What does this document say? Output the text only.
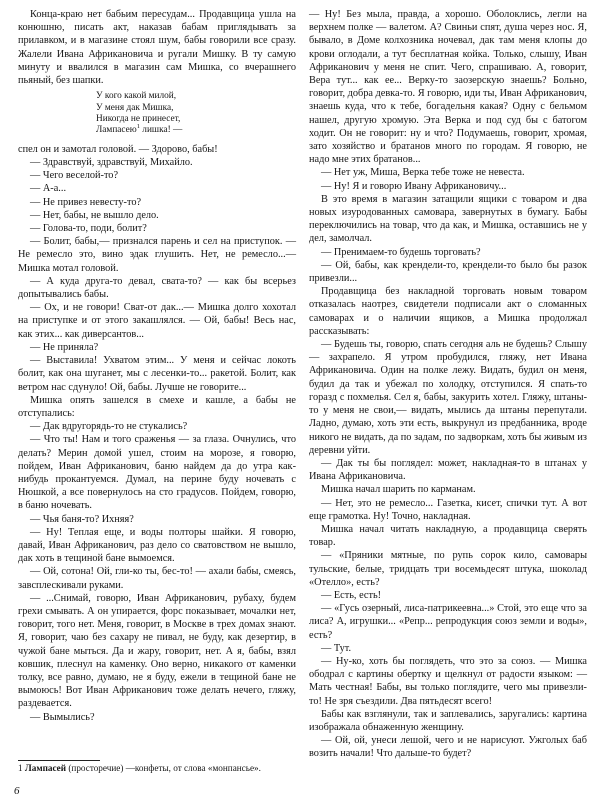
Конца-краю нет бабьим пересудам... Продавщица ушла на конюшню, писать акт, наказав бабам приглядывать за прилавком, и в магазине стоял шум, бабы говорили все сразу. Жалели Ивана Африкановича и ругали Мишку. В ту самую минуту и ввалился в магазин сам Мишка, со вчерашнего пьяный, без шапки.

У кого какой милой,
У меня дак Мишка,
Никогда не принесет,
Лампасею$^1$ лишка! —

спел он и замотал головой. — Здорово, бабы!

— Здравствуй, здравствуй, Михайло.

— Чего веселой-то?

— А-а...

— Не привез невесту-то?

— Нет, бабы, не вышло дело.

— Голова-то, поди, болит?

— Болит, бабы,— признался парень и сел на приступок. — Не ремесло это, вино эдак глушить. Нет, не ремесло...— Мишка мотал головой.

— А куда друга-то девал, свата-то? — как бы всерьез допытывались бабы.

— Ох, и не говори! Сват-от дак...— Мишка долго хохотал на приступке и от этого закашлялся. — Ой, бабы! Весь нас, как этих... как диверсантов...

— Не приняла?

— Выставила! Ухватом этим... У меня и сейчас локоть болит, как она шуганет, мы с лесенки-то... ракетой. Болит, как ветром нас сдунуло! Ой, бабы. Лучше не говорите...

Мишка опять зашелся в смехе и кашле, а бабы не отступались:

— Дак вдругорядь-то не стукались?

— Что ты! Нам и того сраженья — за глаза. Очнулись, что делать? Мерин домой ушел, стоим на морозе, я говорю, пойдем, Иван Африканович, баню найдем да до утра как-нибудь прокантуемся. Думал, на перине буду ночевать с Нюшкой, а все повернулось на сто градусов. Пойдем, говорю, в баню ночевать.

— Чья баня-то? Ихняя?

— Ну! Теплая еще, и воды полторы шайки. Я говорю, давай, Иван Африканович, раз дело со сватовством не вышло, дак хоть в тещиной бане вымоемся.

— Ой, сотона! Ой, гли-ко ты, бес-то! — ахали бабы, смеясь, завсплескивали руками.

— ...Снимай, говорю, Иван Африканович, рубаху, будем грехи смывать. А он упирается, форс показывает, мочалки нет, говорит, того нет. Меня, говорит, в Москве в трех домах знают. Я, говорит, чаю без сахару не пивал, не буду, как дезертир, в чужой бане мыться. Да и жару, говорит, нет. А я, бабы, взял ковшик, плеснул на каменку. Оно верно, никакого от каменки толку, все равно, думаю, не я буду, ежели в тещиной бане не вымоюсь! Вот Иван Африканович тоже делать нечего, гляжу, раздевается.

— Вымылись?

— Ну! Без мыла, правда, а хорошо. Оболоклись, легли на верхнем полке — валетом. А? Свиньи спят, душа через нос. Я, бывало, в Доме колхозника ночевал, дак там меня клопы до крови оглодали, а тут бесплатная койка. Только, слышу, Иван Африканович у меня не спит. Чего, спрашиваю. А, говорит, Вера тут... как ее... Верку-то заозерскую знаешь? Больно, говорит, добра девка-то. Я говорю, иди ты, Иван Африканович, знаешь куда, что к тебе, богадельня какая? Одну с бельмом нашел, другую хромую. Эта Верка и под суд бы с батогом ходит. Он не говорит: ну и что? Подумаешь, говорит, хромая, зато хозяйство и братанов много по городам. Я говорю, не надо мне этих братанов...

— Нет уж, Миша, Верка тебе тоже не невеста.

— Ну! Я и говорю Ивану Африкановичу...

В это время в магазин затащили ящики с товаром и два новых изуродованных самовара, завернутых в бумагу. Бабы переключились на товар, что да как, и Мишка, оставшись не у дел, замолчал.

— Пренимаем-то будешь торговать?

— Ой, бабы, как крендели-то, крендели-то было бы разок привезли...

Продавщица без накладной торговать новым товаром отказалась наотрез, свидетели подписали акт о сломанных самоварах и о наличии ящиков, а Мишка продолжал рассказывать:

— Будешь ты, говорю, спать сегодня аль не будешь? Слышу — захрапело. Я утром пробудился, гляжу, нет Ивана Африкановича. Один на полке лежу. Видать, будил он меня, будил да так и убежал по холодку, отступился. Я спать-то горазд с похмелья. Сел я, бабы, закурить хотел. Гляжу, штаны-то у меня не свои,— видать, мылись да штаны перепутали. Ладно, думаю, хоть эти есть, выкрунул из предбанника, вроде никого не видать, да по задам, по задворкам, хоть бы живым из деревни уйти.

— Дак ты бы поглядел: может, накладная-то в штанах у Ивана Африкановича.

Мишка начал шарить по карманам.

— Нет, это не ремесло... Газетка, кисет, спички тут. А вот еще грамотка. Ну! Точно, накладная.

Мишка начал читать накладную, а продавщица сверять товар.

— «Пряники мятные, по рупь сорок кило, самовары тульские, белые, тридцать три восемьдесят штука, шоколад «Отелло», есть?

— Есть, есть!

— «Гусь озерный, лиса-патрикеевна...» Стой, это еще что за лиса? А, игрушки... «Репр... репродукция союз земли и воды», есть?

— Тут.

— Ну-ко, хоть бы поглядеть, что это за союз. — Мишка ободрал с картины обертку и щелкнул от радости языком: — Мать честная! Бабы, вы только поглядите, чего мы привезли-то! Не зря съездили. Два пятьдесят всего!

Бабы как взглянули, так и заплевались, заругались: картина изображала обнаженную женщину.

— Ой, ой, унеси лешой, чего и не нарисуют. Ужголых баб возить начали! Что дальше-то будет?

1 Лампасей (просторечие) —конфеты, от слова «монпансье».

6
